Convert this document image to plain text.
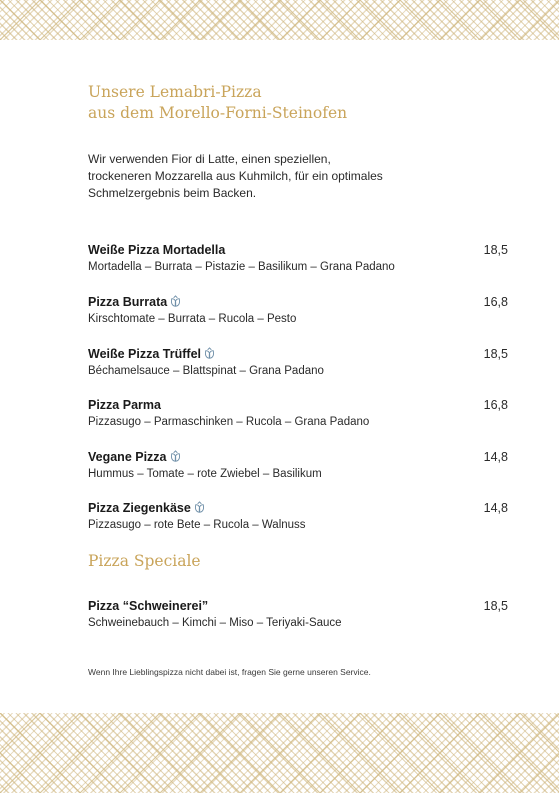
Unsere Lemabri-Pizza
aus dem Morello-Forni-Steinofen
Wir verwenden Fior di Latte, einen speziellen,
trockeneren Mozzarella aus Kuhmilch, für ein optimales
Schmelzergebnis beim Backen.
Weiße Pizza Mortadella	18,5
Mortadella – Burrata – Pistazie – Basilikum – Grana Padano
Pizza Burrata	16,8
Kirschtomate – Burrata – Rucola – Pesto
Weiße Pizza Trüffel	18,5
Béchamelsauce – Blattspinat – Grana Padano
Pizza Parma	16,8
Pizzasugo – Parmaschinken – Rucola – Grana Padano
Vegane Pizza	14,8
Hummus – Tomate – rote Zwiebel – Basilikum
Pizza Ziegenkäse	14,8
Pizzasugo – rote Bete – Rucola – Walnuss
Pizza Speciale
Pizza “Schweinerei”	18,5
Schweinebauch – Kimchi – Miso – Teriyaki-Sauce
Wenn Ihre Lieblingspizza nicht dabei ist, fragen Sie gerne unseren Service.
